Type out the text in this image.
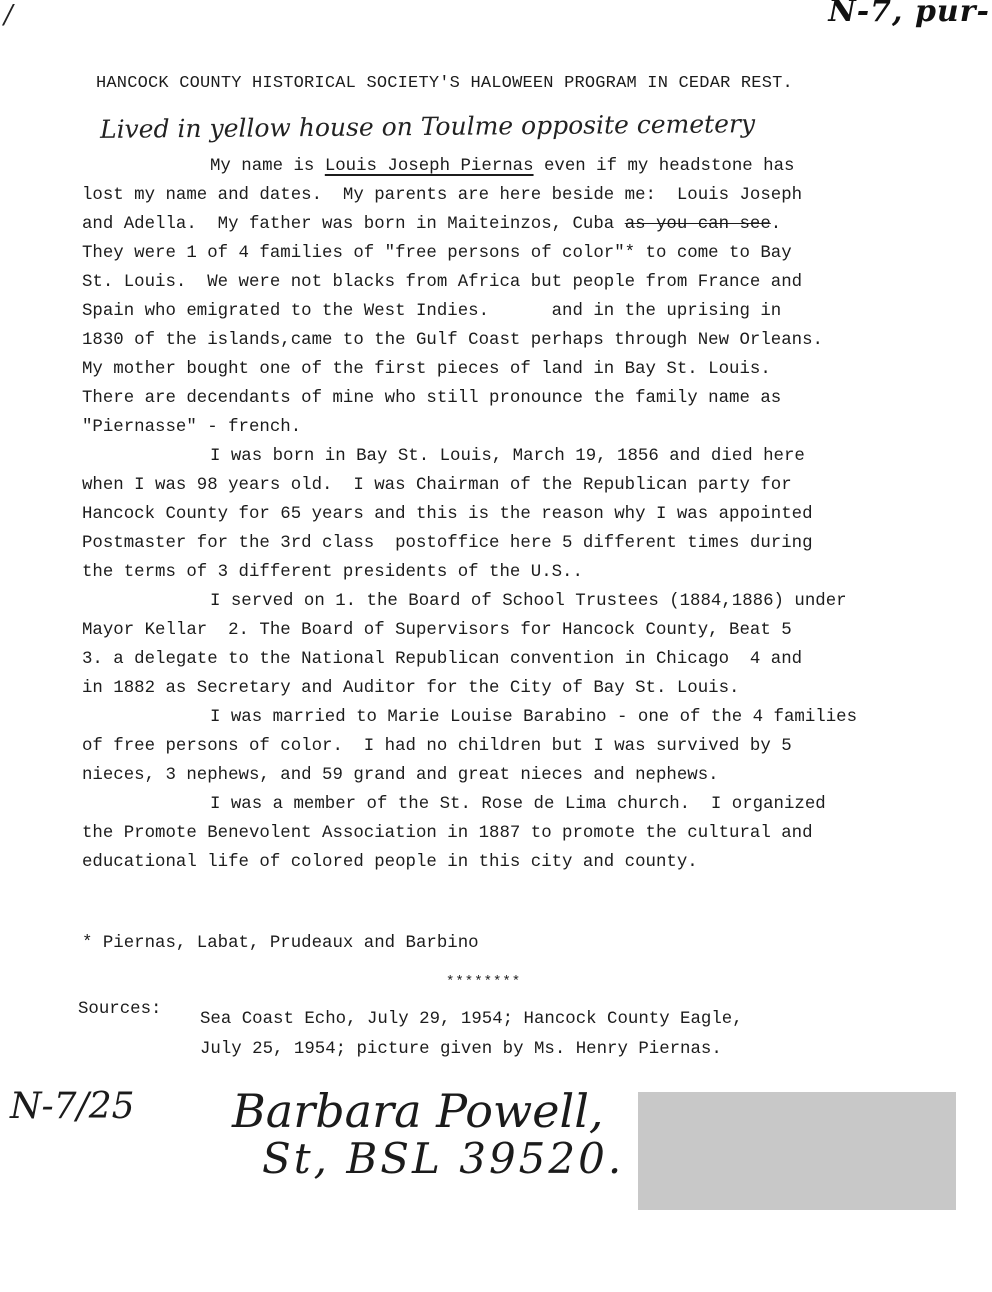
/	N-7, pur-
HANCOCK COUNTY HISTORICAL SOCIETY'S HALOWEEN PROGRAM IN CEDAR REST.
Lived in yellow house on Toulme opposite cemetery
My name is Louis Joseph Piernas even if my headstone has
lost my name and dates.  My parents are here beside me:  Louis Joseph
and Adella.  My father was born in Maiteinzos, Cuba as you can see.
They were 1 of 4 families of "free persons of color"* to come to Bay
St. Louis.  We were not blacks from Africa but people from France and
Spain who emigrated to the West Indies.      and in the uprising in
1830 of the islands,came to the Gulf Coast perhaps through New Orleans.
My mother bought one of the first pieces of land in Bay St. Louis.
There are decendants of mine who still pronounce the family name as
"Piernasse" - french.
I was born in Bay St. Louis, March 19, 1856 and died here
when I was 98 years old.  I was Chairman of the Republican party for
Hancock County for 65 years and this is the reason why I was appointed
Postmaster for the 3rd class  postoffice here 5 different times during
the terms of 3 different presidents of the U.S..
I served on 1. the Board of School Trustees (1884,1886) under
Mayor Kellar  2. The Board of Supervisors for Hancock County, Beat 5
3. a delegate to the National Republican convention in Chicago  4 and
in 1882 as Secretary and Auditor for the City of Bay St. Louis.
I was married to Marie Louise Barabino - one of the 4 families
of free persons of color.  I had no children but I was survived by 5
nieces, 3 nephews, and 59 grand and great nieces and nephews.
I was a member of the St. Rose de Lima church.  I organized
the Promote Benevolent Association in 1887 to promote the cultural and
educational life of colored people in this city and county.
* Piernas, Labat, Prudeaux and Barbino
********
Sources:
Sea Coast Echo, July 29, 1954; Hancock County Eagle,
July 25, 1954; picture given by Ms. Henry Piernas.
N-7/25 Barbara Powell,
St, BSL 39520.
